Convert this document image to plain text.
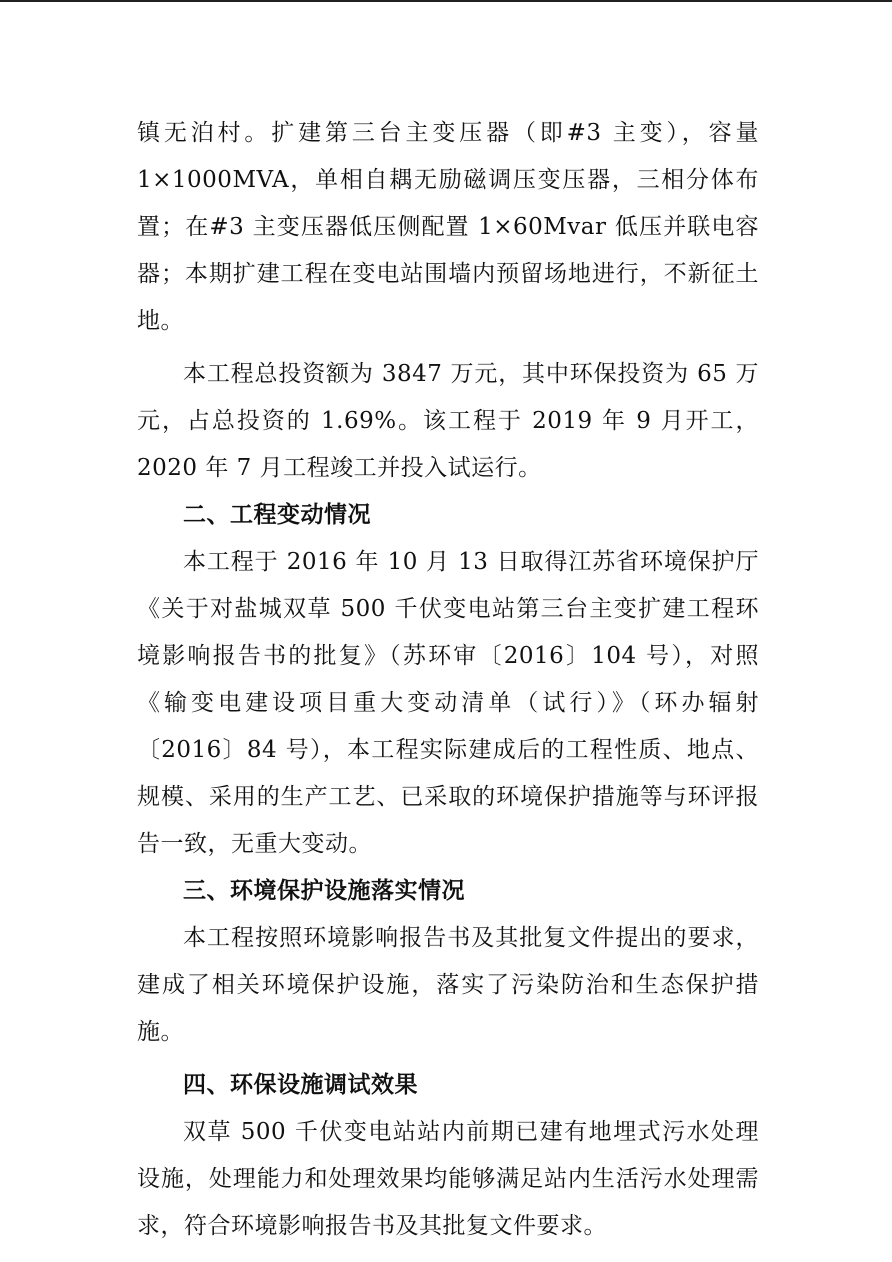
镇无泊村。扩建第三台主变压器（即#3 主变），容量1×1000MVA，单相自耦无励磁调压变压器，三相分体布置；在#3 主变压器低压侧配置 1×60Mvar 低压并联电容器；本期扩建工程在变电站围墙内预留场地进行，不新征土地。

本工程总投资额为 3847 万元，其中环保投资为 65 万元，占总投资的 1.69%。该工程于 2019 年 9 月开工，2020 年 7 月工程竣工并投入试运行。

二、工程变动情况

本工程于 2016 年 10 月 13 日取得江苏省环境保护厅《关于对盐城双草 500 千伏变电站第三台主变扩建工程环境影响报告书的批复》（苏环审〔2016〕104 号），对照《输变电建设项目重大变动清单（试行）》（环办辐射〔2016〕84 号），本工程实际建成后的工程性质、地点、规模、采用的生产工艺、已采取的环境保护措施等与环评报告一致，无重大变动。

三、环境保护设施落实情况

本工程按照环境影响报告书及其批复文件提出的要求，建成了相关环境保护设施，落实了污染防治和生态保护措施。

四、环保设施调试效果

双草 500 千伏变电站站内前期已建有地埋式污水处理设施，处理能力和处理效果均能够满足站内生活污水处理需求，符合环境影响报告书及其批复文件要求。
